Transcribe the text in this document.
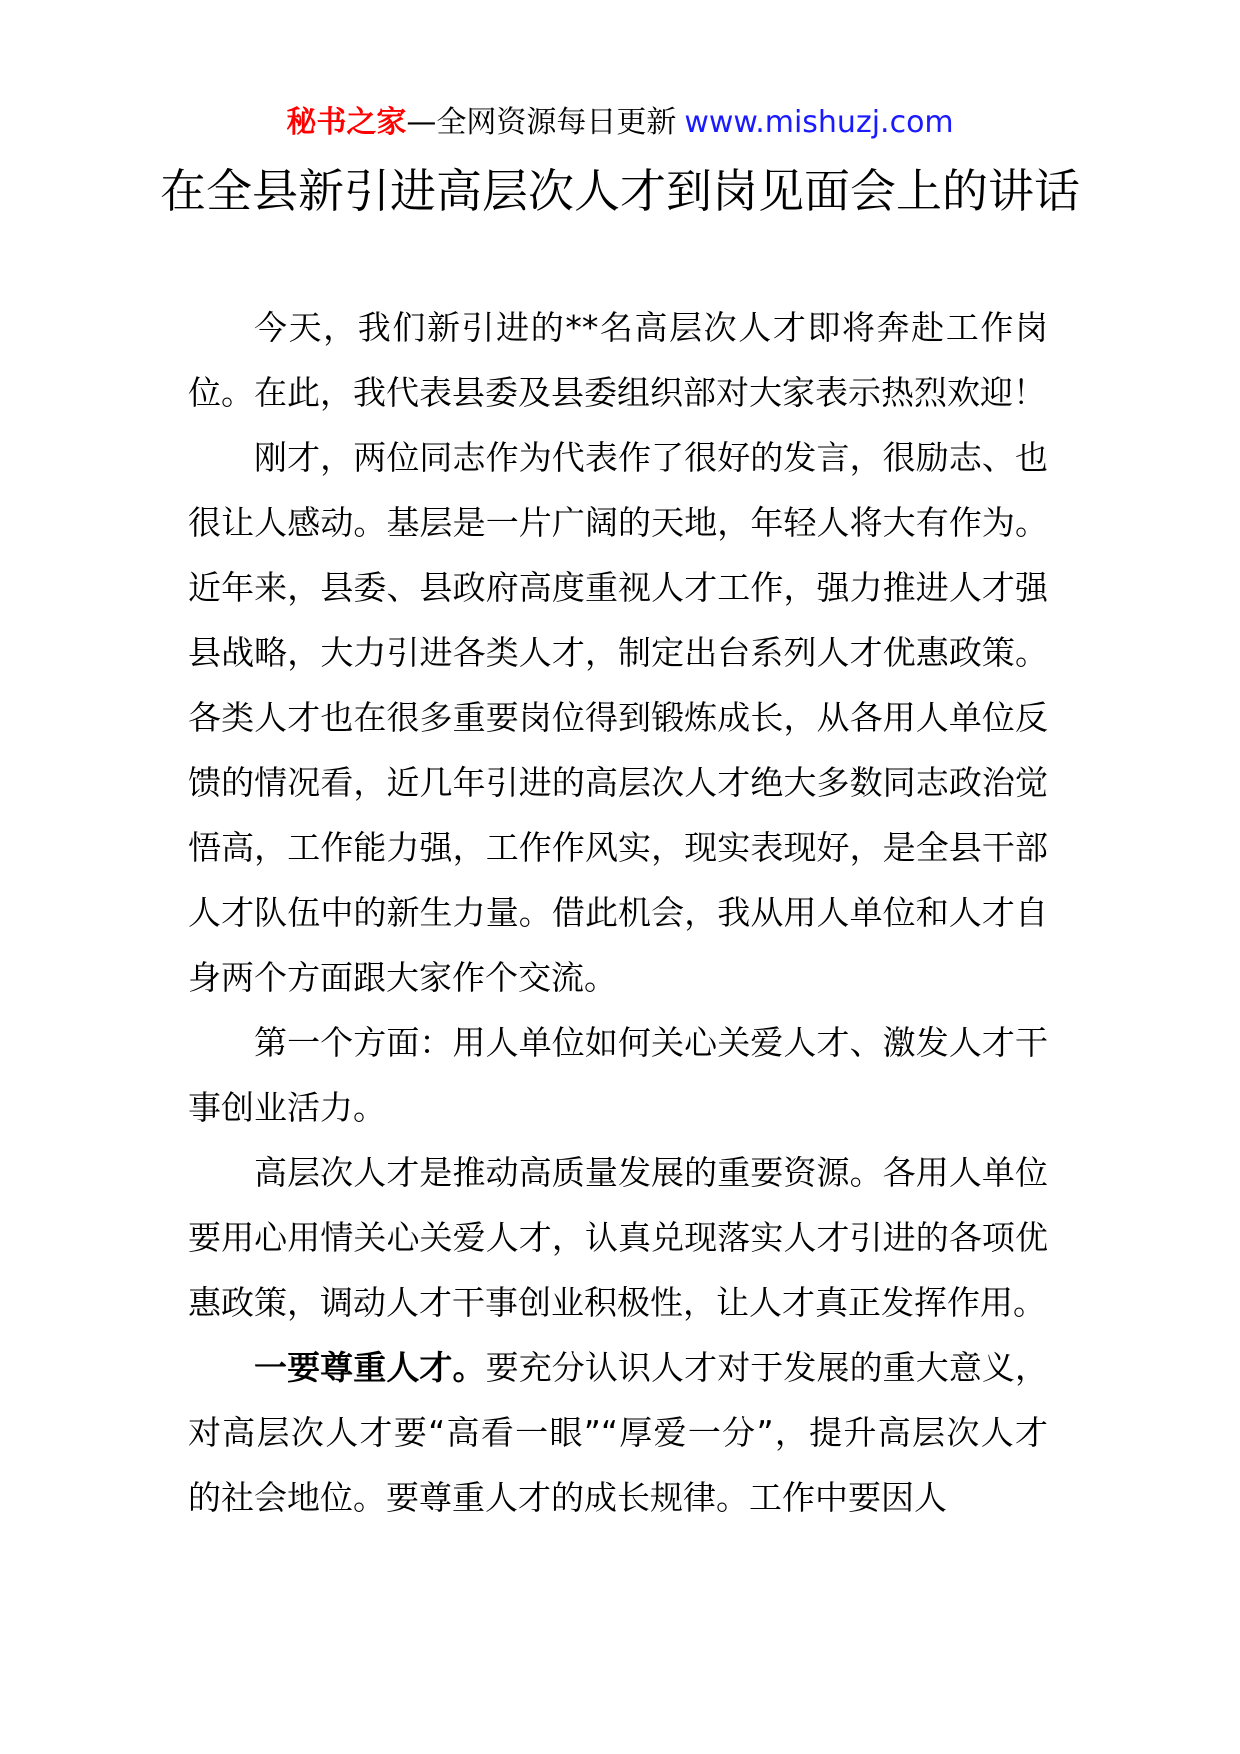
秘书之家—全网资源每日更新 www.mishuzj.com
在全县新引进高层次人才到岗见面会上的讲话

今天，我们新引进的**名高层次人才即将奔赴工作岗位。在此，我代表县委及县委组织部对大家表示热烈欢迎！

刚才，两位同志作为代表作了很好的发言，很励志、也很让人感动。基层是一片广阔的天地，年轻人将大有作为。近年来，县委、县政府高度重视人才工作，强力推进人才强县战略，大力引进各类人才，制定出台系列人才优惠政策。各类人才也在很多重要岗位得到锻炼成长，从各用人单位反馈的情况看，近几年引进的高层次人才绝大多数同志政治觉悟高，工作能力强，工作作风实，现实表现好，是全县干部人才队伍中的新生力量。借此机会，我从用人单位和人才自身两个方面跟大家作个交流。

第一个方面：用人单位如何关心关爱人才、激发人才干事创业活力。

高层次人才是推动高质量发展的重要资源。各用人单位要用心用情关心关爱人才，认真兑现落实人才引进的各项优惠政策，调动人才干事创业积极性，让人才真正发挥作用。

一要尊重人才。要充分认识人才对于发展的重大意义，对高层次人才要“高看一眼”“厚爱一分”，提升高层次人才的社会地位。要尊重人才的成长规律。工作中要因人
